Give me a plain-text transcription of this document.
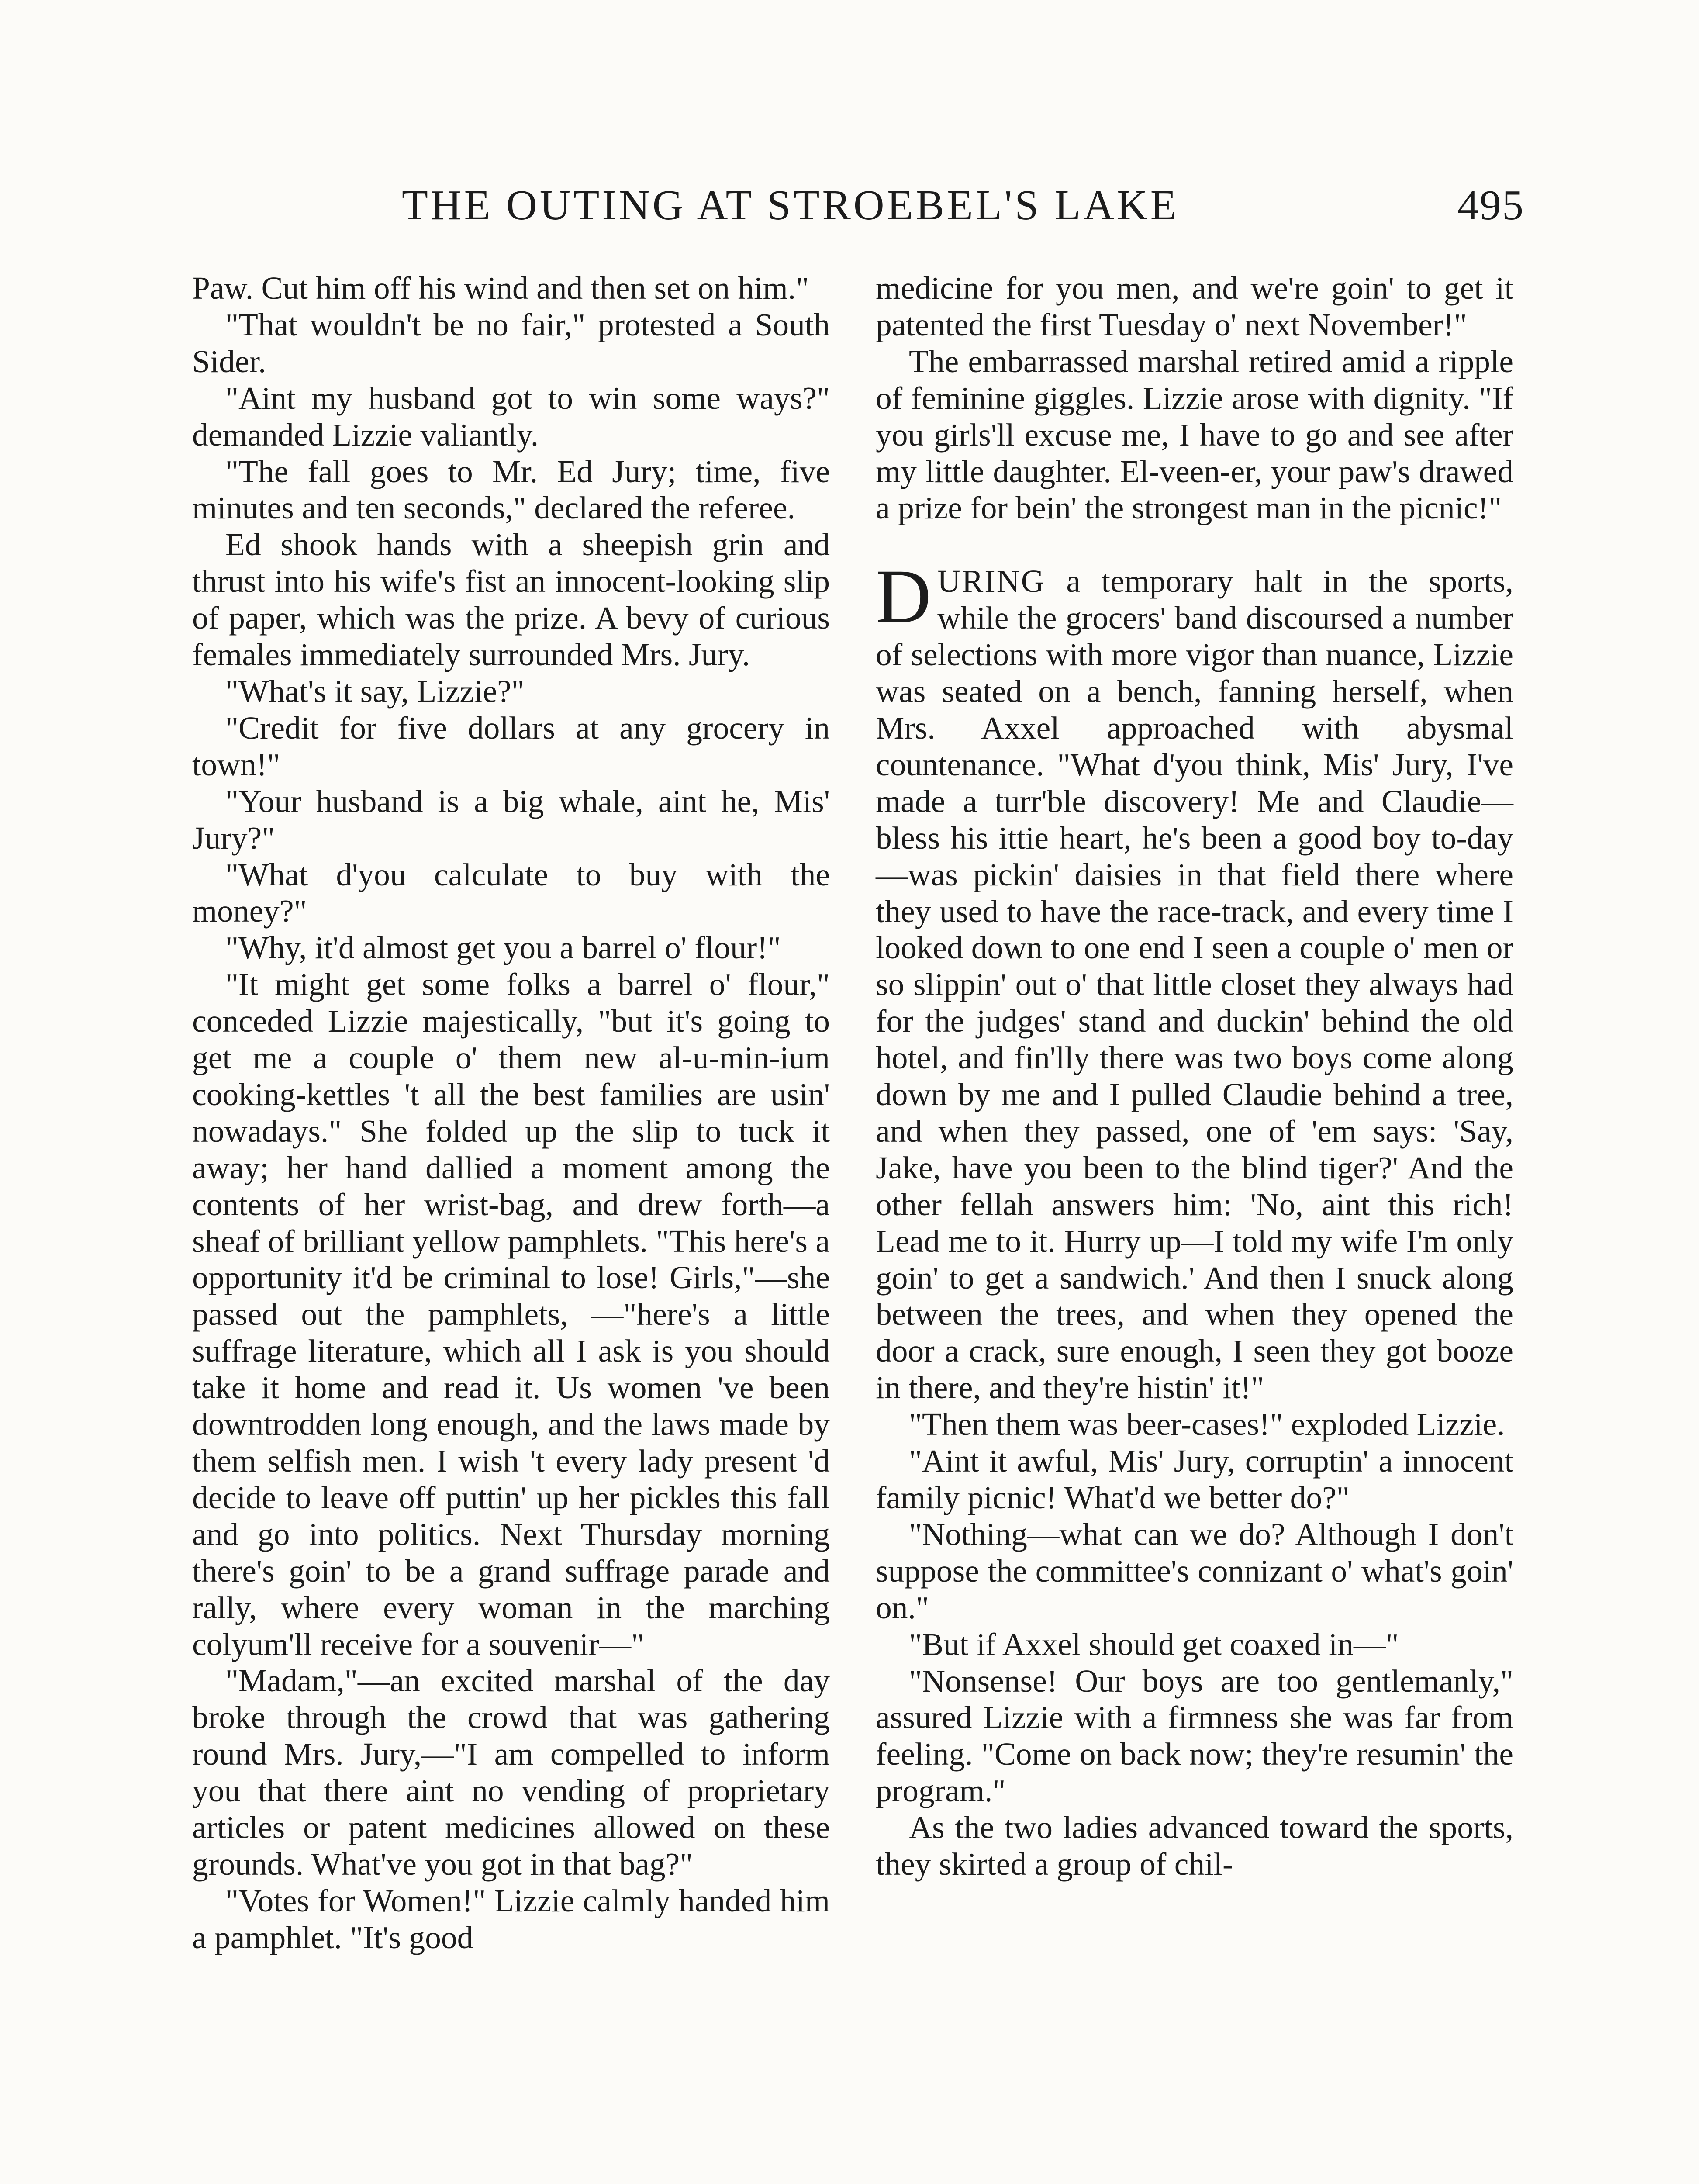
THE OUTING AT STROEBEL'S LAKE	495

Paw. Cut him off his wind and then set on him."

"That wouldn't be no fair," protested a South Sider.

"Aint my husband got to win some ways?" demanded Lizzie valiantly.

"The fall goes to Mr. Ed Jury; time, five minutes and ten seconds," declared the referee.

Ed shook hands with a sheepish grin and thrust into his wife's fist an innocent-looking slip of paper, which was the prize. A bevy of curious females immediately surrounded Mrs. Jury.

"What's it say, Lizzie?"

"Credit for five dollars at any grocery in town!"

"Your husband is a big whale, aint he, Mis' Jury?"

"What d'you calculate to buy with the money?"

"Why, it'd almost get you a barrel o' flour!"

"It might get some folks a barrel o' flour," conceded Lizzie majestically, "but it's going to get me a couple o' them new al-u-min-ium cooking-kettles 't all the best families are usin' nowadays." She folded up the slip to tuck it away; her hand dallied a moment among the contents of her wrist-bag, and drew forth—a sheaf of brilliant yellow pamphlets. "This here's a opportunity it'd be criminal to lose! Girls,"—she passed out the pamphlets, —"here's a little suffrage literature, which all I ask is you should take it home and read it. Us women 've been downtrodden long enough, and the laws made by them selfish men. I wish 't every lady present 'd decide to leave off puttin' up her pickles this fall and go into politics. Next Thursday morning there's goin' to be a grand suffrage parade and rally, where every woman in the marching colyum'll receive for a souvenir—"

"Madam,"—an excited marshal of the day broke through the crowd that was gathering round Mrs. Jury,—"I am compelled to inform you that there aint no vending of proprietary articles or patent medicines allowed on these grounds. What've you got in that bag?"

"Votes for Women!" Lizzie calmly handed him a pamphlet. "It's good

medicine for you men, and we're goin' to get it patented the first Tuesday o' next November!"

The embarrassed marshal retired amid a ripple of feminine giggles. Lizzie arose with dignity. "If you girls'll excuse me, I have to go and see after my little daughter. El-veen-er, your paw's drawed a prize for bein' the strongest man in the picnic!"

DURING a temporary halt in the sports, while the grocers' band discoursed a number of selections with more vigor than nuance, Lizzie was seated on a bench, fanning herself, when Mrs. Axxel approached with abysmal countenance. "What d'you think, Mis' Jury, I've made a turr'ble discovery! Me and Claudie—bless his ittie heart, he's been a good boy to-day —was pickin' daisies in that field there where they used to have the race-track, and every time I looked down to one end I seen a couple o' men or so slippin' out o' that little closet they always had for the judges' stand and duckin' behind the old hotel, and fin'lly there was two boys come along down by me and I pulled Claudie behind a tree, and when they passed, one of 'em says: 'Say, Jake, have you been to the blind tiger?' And the other fellah answers him: 'No, aint this rich! Lead me to it. Hurry up—I told my wife I'm only goin' to get a sandwich.' And then I snuck along between the trees, and when they opened the door a crack, sure enough, I seen they got booze in there, and they're histin' it!"

"Then them was beer-cases!" exploded Lizzie.

"Aint it awful, Mis' Jury, corruptin' a innocent family picnic! What'd we better do?"

"Nothing—what can we do? Although I don't suppose the committee's connizant o' what's goin' on."

"But if Axxel should get coaxed in—"

"Nonsense! Our boys are too gentlemanly," assured Lizzie with a firmness she was far from feeling. "Come on back now; they're resumin' the program."

As the two ladies advanced toward the sports, they skirted a group of chil-
